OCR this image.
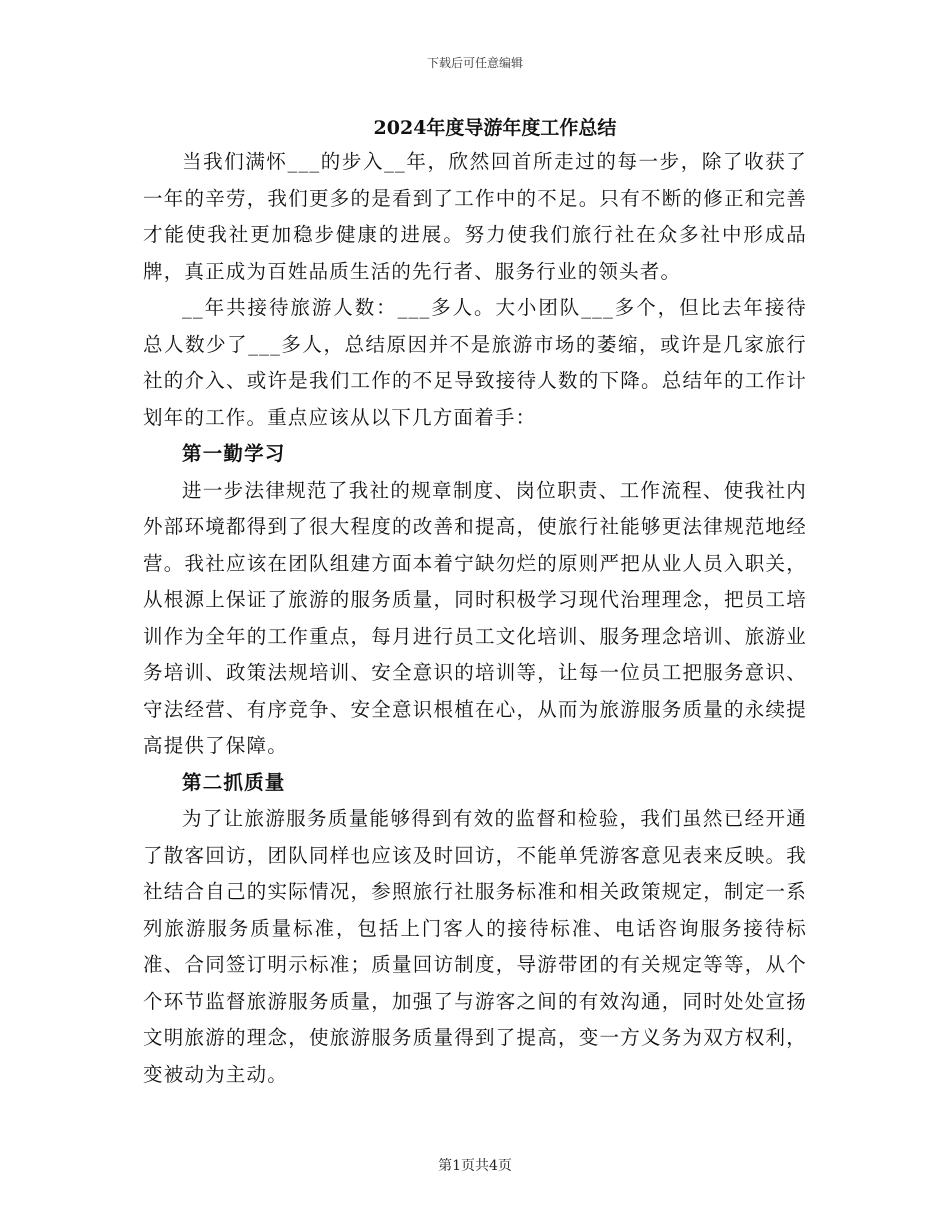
下载后可任意编辑
2024年度导游年度工作总结

当我们满怀___的步入__年，欣然回首所走过的每一步，除了收获了一年的辛劳，我们更多的是看到了工作中的不足。只有不断的修正和完善才能使我社更加稳步健康的进展。努力使我们旅行社在众多社中形成品牌，真正成为百姓品质生活的先行者、服务行业的领头者。

__年共接待旅游人数：___多人。大小团队___多个，但比去年接待总人数少了___多人，总结原因并不是旅游市场的萎缩，或许是几家旅行社的介入、或许是我们工作的不足导致接待人数的下降。总结年的工作计划年的工作。重点应该从以下几方面着手：

第一勤学习

进一步法律规范了我社的规章制度、岗位职责、工作流程、使我社内外部环境都得到了很大程度的改善和提高，使旅行社能够更法律规范地经营。我社应该在团队组建方面本着宁缺勿烂的原则严把从业人员入职关，从根源上保证了旅游的服务质量，同时积极学习现代治理理念，把员工培训作为全年的工作重点，每月进行员工文化培训、服务理念培训、旅游业务培训、政策法规培训、安全意识的培训等，让每一位员工把服务意识、守法经营、有序竞争、安全意识根植在心，从而为旅游服务质量的永续提高提供了保障。

第二抓质量

为了让旅游服务质量能够得到有效的监督和检验，我们虽然已经开通了散客回访，团队同样也应该及时回访，不能单凭游客意见表来反映。我社结合自己的实际情况，参照旅行社服务标准和相关政策规定，制定一系列旅游服务质量标准，包括上门客人的接待标准、电话咨询服务接待标准、合同签订明示标准；质量回访制度，导游带团的有关规定等等，从个个环节监督旅游服务质量，加强了与游客之间的有效沟通，同时处处宣扬文明旅游的理念，使旅游服务质量得到了提高，变一方义务为双方权利，变被动为主动。

第1页共4页
